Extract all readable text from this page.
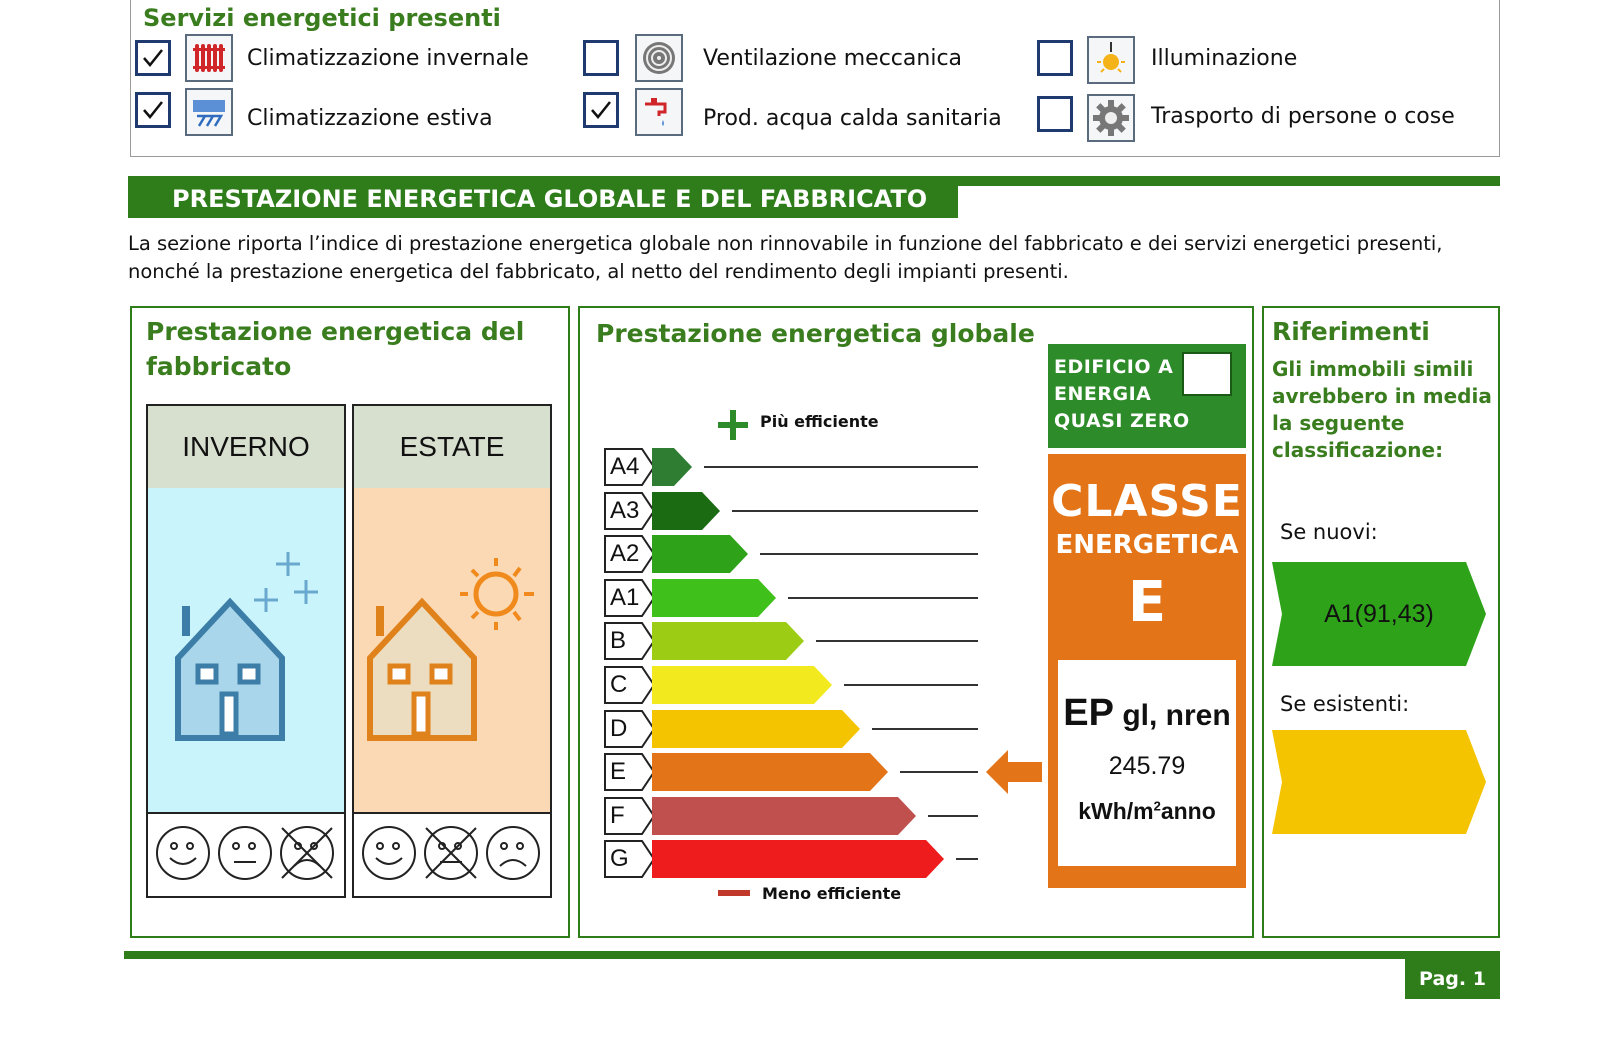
Servizi energetici presenti
Climatizzazione invernale
Climatizzazione estiva
Ventilazione meccanica
Prod. acqua calda sanitaria
Illuminazione
Trasporto di persone o cose
PRESTAZIONE ENERGETICA GLOBALE E DEL FABBRICATO
La sezione riporta l’indice di prestazione energetica globale non rinnovabile in funzione del fabbricato e dei servizi energetici presenti, nonché la prestazione energetica del fabbricato, al netto del rendimento degli impianti presenti.
Prestazione energetica del fabbricato
INVERNO	ESTATE
Prestazione energetica globale
Più efficiente
A4
A3
A2
A1
B
C
D
E
F
G
Meno efficiente
EDIFICIO A ENERGIA QUASI ZERO
CLASSE
ENERGETICA
E
EP gl, nren
245.79
kWh/$m^2anno$
Riferimenti
Gli immobili simili avrebbero in media la seguente classificazione:
Se nuovi:
A1(91,43)
Se esistenti:
Pag. 1
